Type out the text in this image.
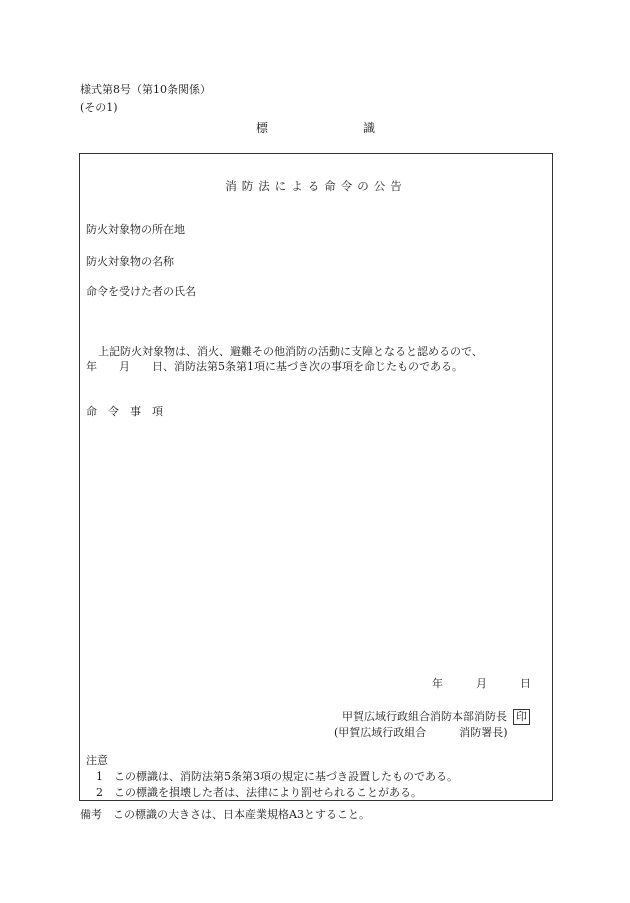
様式第8号（第10条関係）
(その1)
標	識
消防法による命令の公告
防火対象物の所在地
防火対象物の名称
命令を受けた者の氏名
上記防火対象物は、消火、避難その他消防の活動に支障となると認めるので、
年　　月　　日、消防法第5条第1項に基づき次の事項を命じたものである。
命　令　事　項
年　　　月　　　日
甲賀広域行政組合消防本部消防長 印
(甲賀広域行政組合　　　消防署長)
注意
1　この標識は、消防法第5条第3項の規定に基づき設置したものである。
2　この標識を損壊した者は、法律により罰せられることがある。
備考　この標識の大きさは、日本産業規格A3とすること。
